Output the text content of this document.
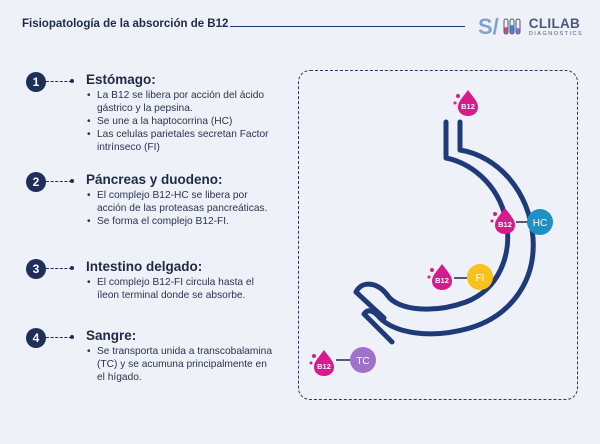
Fisiopatología de la absorción de B12	S/ CLILAB
DIAGNOSTICS
1	Estómago:
• La B12 se libera por acción del ácido gástrico y la pepsina.
• Se une a la haptocorrina (HC)
• Las celulas parietales secretan Factor intrínseco (FI)
2	Páncreas y duodeno:
• El complejo B12-HC se libera por acción de las proteasas pancreáticas.
• Se forma el complejo B12-FI.
3	Intestino delgado:
• El complejo B12-FI circula hasta el íleon terminal donde se absorbe.
4	Sangre:
• Se transporta unida a transcobalamina (TC) y se acumuna principalmente en el hígado.
B12
B12 HC
B12	FI
B12	TC
